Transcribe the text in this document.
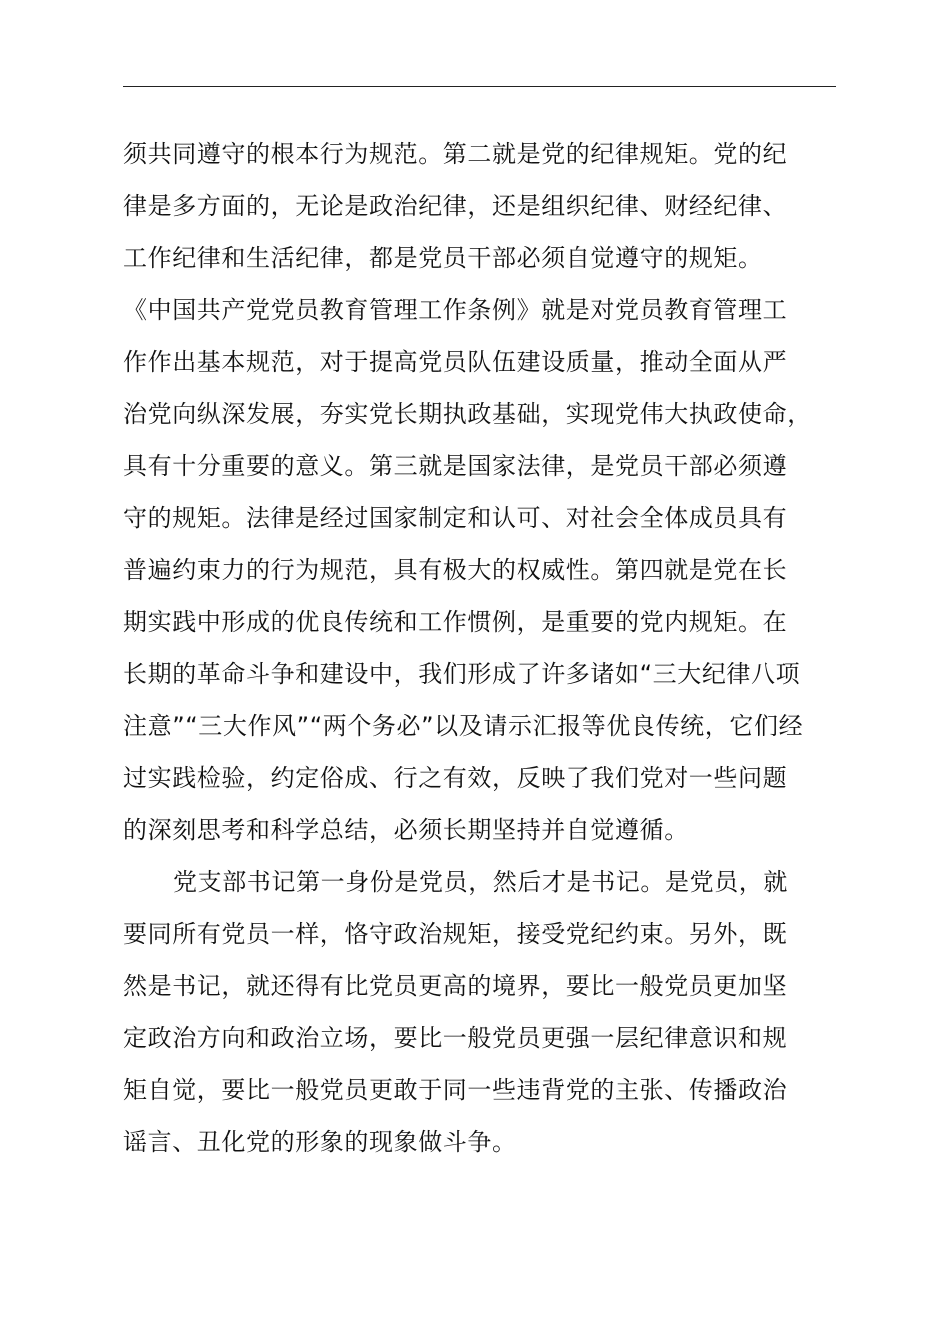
须共同遵守的根本行为规范。第二就是党的纪律规矩。党的纪
律是多方面的，无论是政治纪律，还是组织纪律、财经纪律、
工作纪律和生活纪律，都是党员干部必须自觉遵守的规矩。
《中国共产党党员教育管理工作条例》就是对党员教育管理工
作作出基本规范，对于提高党员队伍建设质量，推动全面从严
治党向纵深发展，夯实党长期执政基础，实现党伟大执政使命，
具有十分重要的意义。第三就是国家法律，是党员干部必须遵
守的规矩。法律是经过国家制定和认可、对社会全体成员具有
普遍约束力的行为规范，具有极大的权威性。第四就是党在长
期实践中形成的优良传统和工作惯例，是重要的党内规矩。在
长期的革命斗争和建设中，我们形成了许多诸如“三大纪律八项
注意”“三大作风”“两个务必”以及请示汇报等优良传统，它们经
过实践检验，约定俗成、行之有效，反映了我们党对一些问题
的深刻思考和科学总结，必须长期坚持并自觉遵循。
党支部书记第一身份是党员，然后才是书记。是党员，就
要同所有党员一样，恪守政治规矩，接受党纪约束。另外，既
然是书记，就还得有比党员更高的境界，要比一般党员更加坚
定政治方向和政治立场，要比一般党员更强一层纪律意识和规
矩自觉，要比一般党员更敢于同一些违背党的主张、传播政治
谣言、丑化党的形象的现象做斗争。
